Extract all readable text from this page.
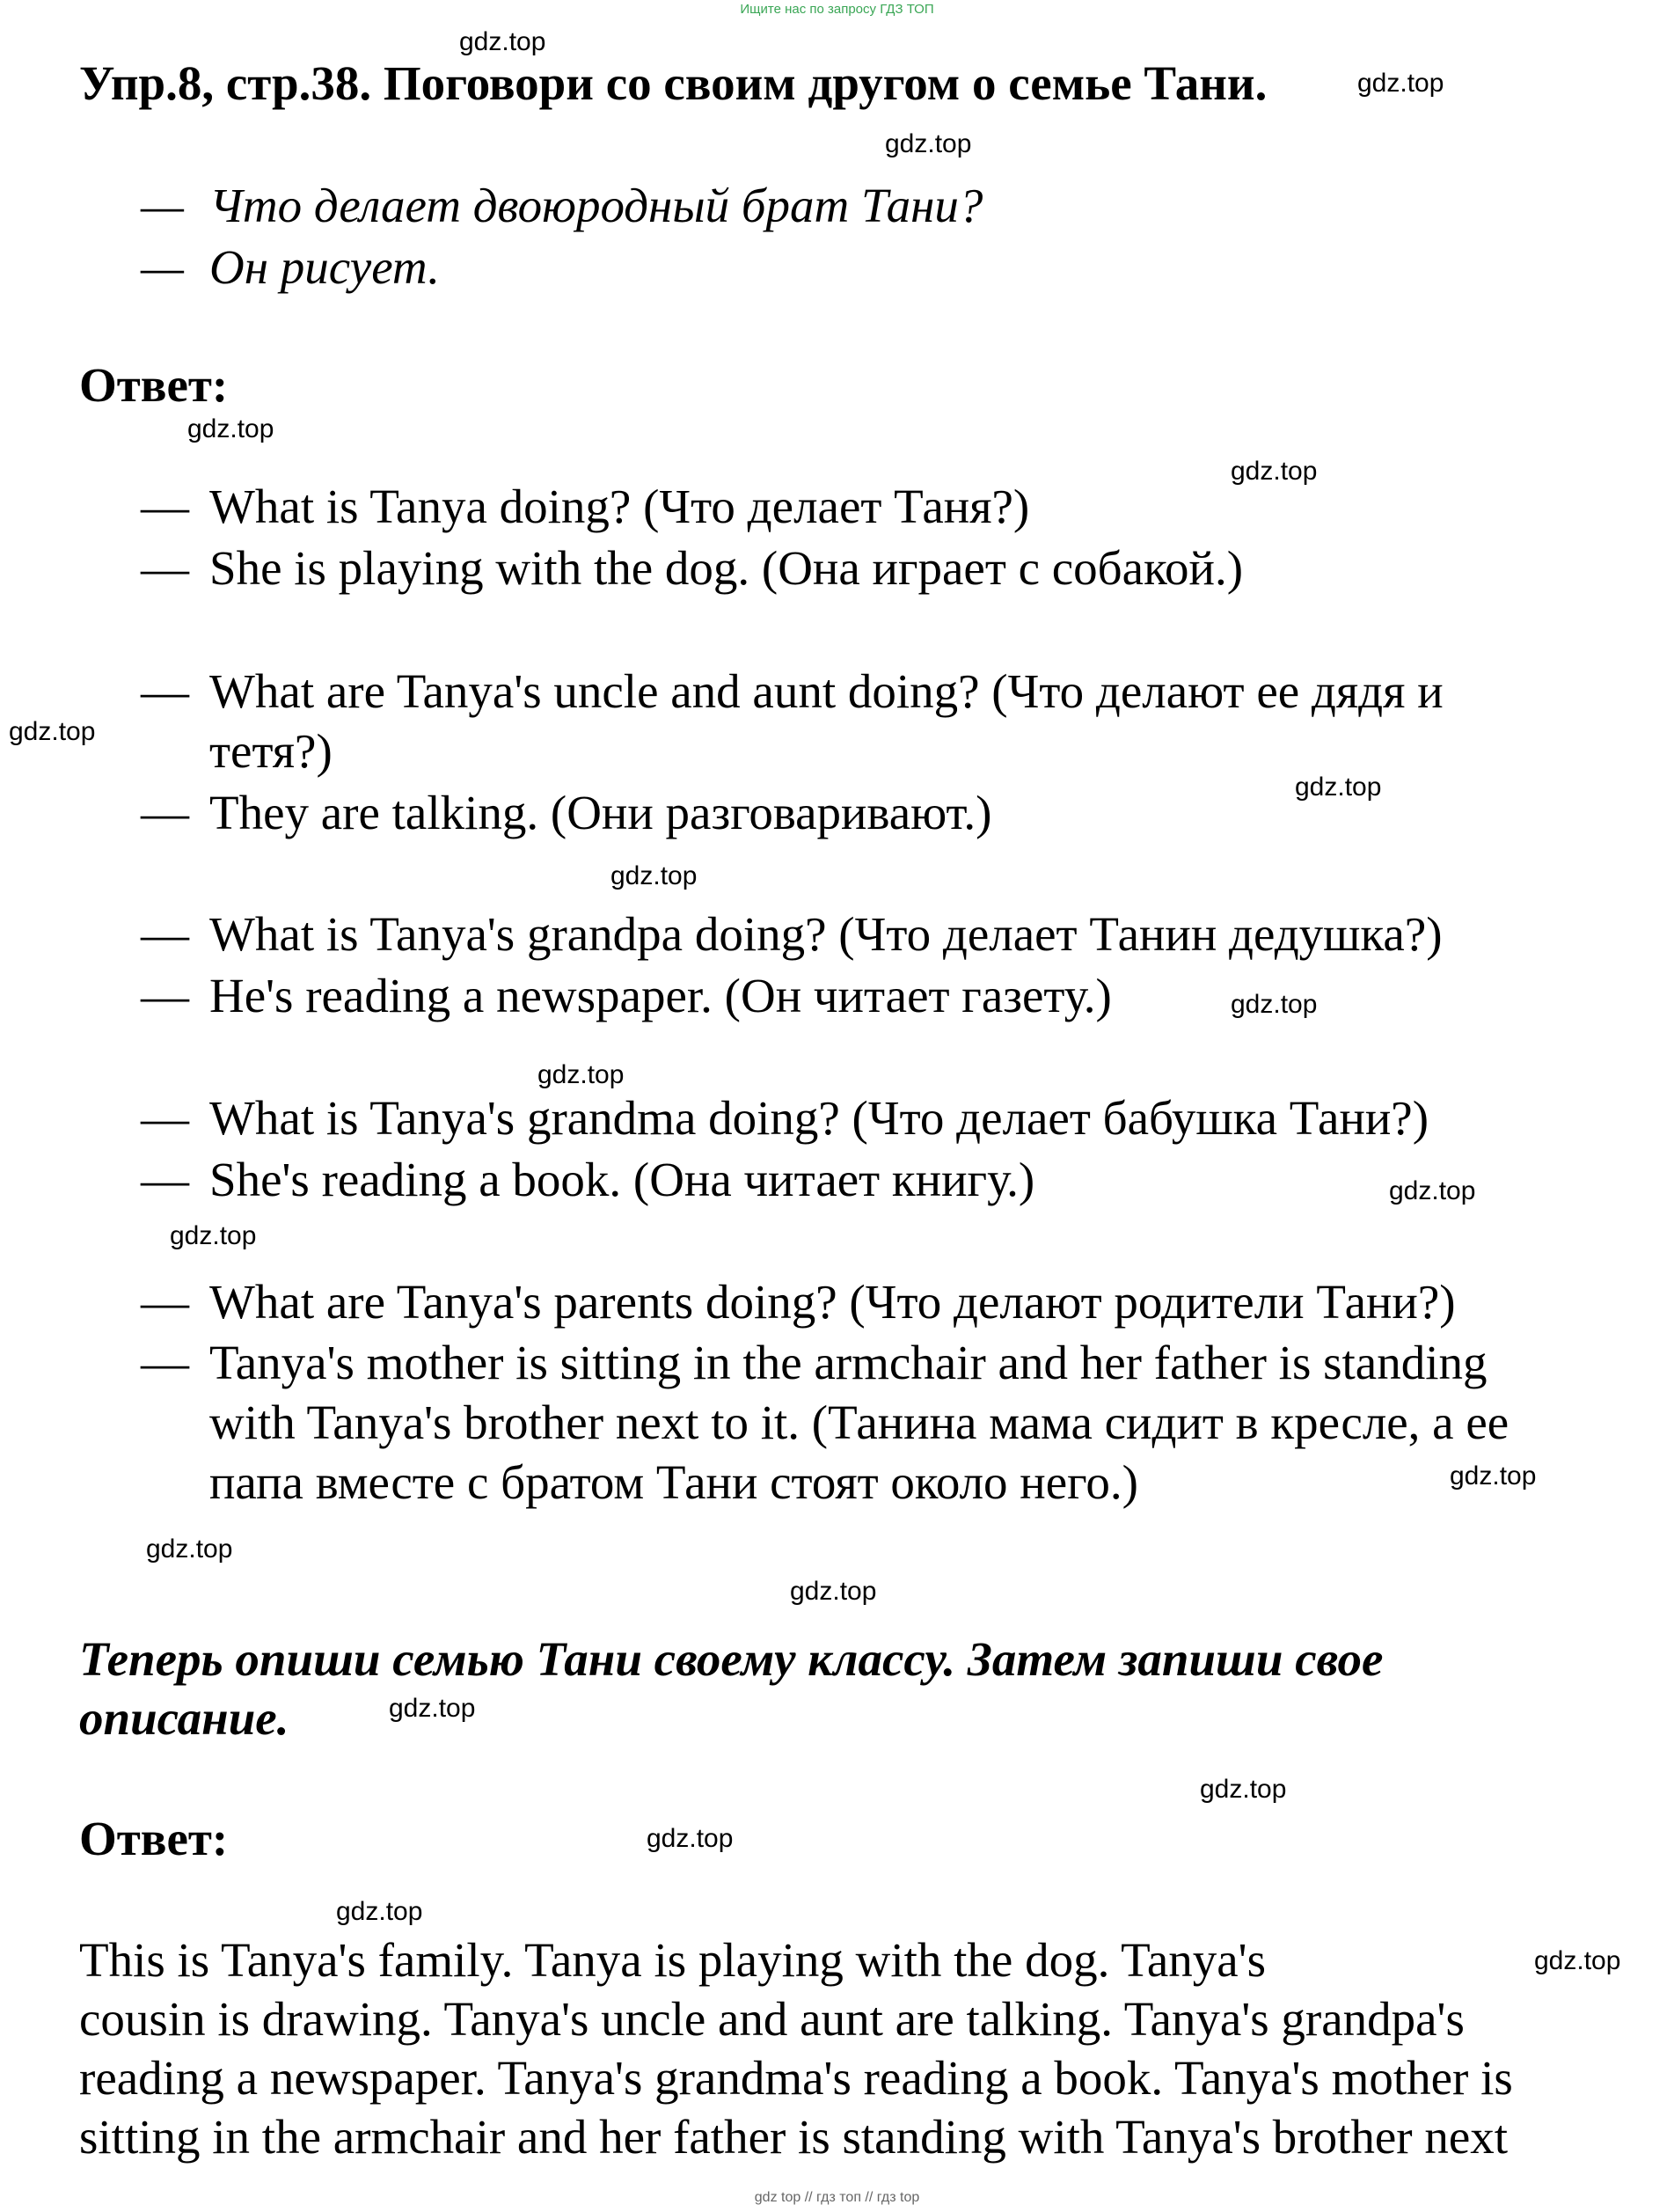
Ищите нас по запросу ГДЗ ТОП
gdz.top
gdz.top
gdz.top
gdz.top
gdz.top
gdz.top
gdz.top
gdz.top
gdz.top
gdz.top
gdz.top
gdz.top
gdz.top
gdz.top
gdz.top
gdz.top
gdz.top
gdz.top
gdz.top
gdz.top
Упр.8, стр.38. Поговори со своим другом о семье Тани.
— Что делает двоюродный брат Тани?
— Он рисует.
Ответ:
— What is Tanya doing? (Что делает Таня?)
— She is playing with the dog. (Она играет с собакой.)
— What are Tanya's uncle and aunt doing? (Что делают ее дядя и
тетя?)
— They are talking. (Они разговаривают.)
— What is Tanya's grandpa doing? (Что делает Танин дедушка?)
— He's reading a newspaper. (Он читает газету.)
— What is Tanya's grandma doing? (Что делает бабушка Тани?)
— She's reading a book. (Она читает книгу.)
— What are Tanya's parents doing? (Что делают родители Тани?)
— Tanya's mother is sitting in the armchair and her father is standing
with Tanya's brother next to it. (Танина мама сидит в кресле, а ее
папа вместе с братом Тани стоят около него.)
Теперь опиши семью Тани своему классу. Затем запиши свое
описание.
Ответ:
This is Tanya's family. Tanya is playing with the dog. Tanya's
cousin is drawing. Tanya's uncle and aunt are talking. Tanya's grandpa's
reading a newspaper. Tanya's grandma's reading a book. Tanya's mother is
sitting in the armchair and her father is standing with Tanya's brother next
gdz top // гдз топ // гдз top
